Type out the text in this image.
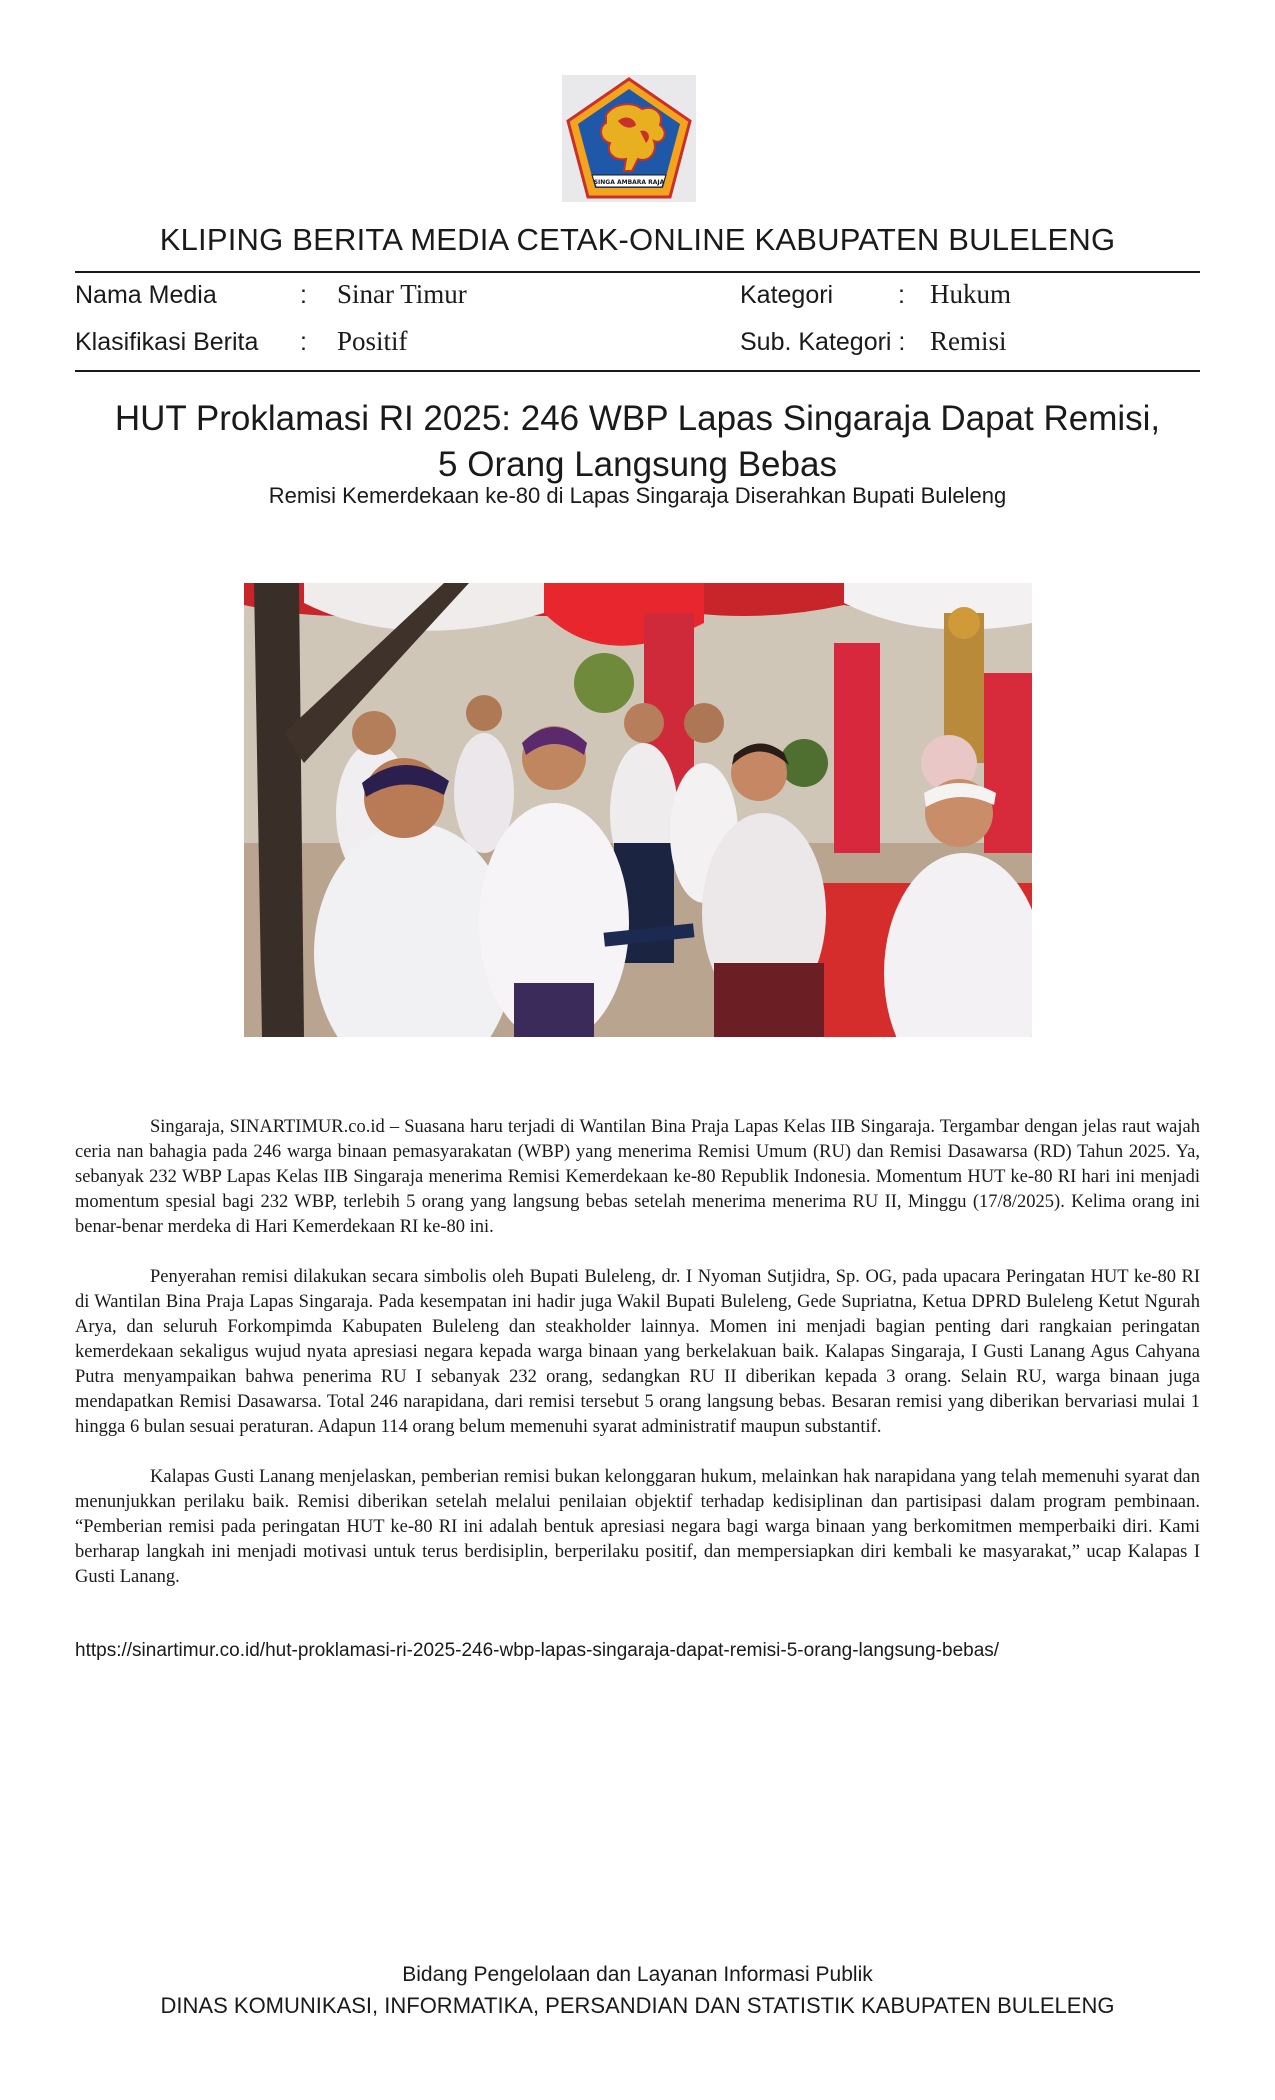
SINGA AMBARA RAJA
KLIPING BERITA MEDIA CETAK-ONLINE KABUPATEN BULELENG
Nama Media	: Sinar Timur	Kategori	: Hukum
Klasifikasi Berita : Positif	Sub. Kategori : Remisi
HUT Proklamasi RI 2025: 246 WBP Lapas Singaraja Dapat Remisi,
5 Orang Langsung Bebas
Remisi Kemerdekaan ke-80 di Lapas Singaraja Diserahkan Bupati Buleleng

Singaraja, SINARTIMUR.co.id – Suasana haru terjadi di Wantilan Bina Praja Lapas Kelas IIB Singaraja. Tergambar dengan jelas raut wajah ceria nan bahagia pada 246 warga binaan pemasyarakatan (WBP) yang menerima Remisi Umum (RU) dan Remisi Dasawarsa (RD) Tahun 2025. Ya, sebanyak 232 WBP Lapas Kelas IIB Singaraja menerima Remisi Kemerdekaan ke-80 Republik Indonesia. Momentum HUT ke-80 RI hari ini menjadi momentum spesial bagi 232 WBP, terlebih 5 orang yang langsung bebas setelah menerima menerima RU II, Minggu (17/8/2025). Kelima orang ini benar-benar merdeka di Hari Kemerdekaan RI ke-80 ini.

Penyerahan remisi dilakukan secara simbolis oleh Bupati Buleleng, dr. I Nyoman Sutjidra, Sp. OG, pada upacara Peringatan HUT ke-80 RI di Wantilan Bina Praja Lapas Singaraja. Pada kesempatan ini hadir juga Wakil Bupati Buleleng, Gede Supriatna, Ketua DPRD Buleleng Ketut Ngurah Arya, dan seluruh Forkompimda Kabupaten Buleleng dan steakholder lainnya. Momen ini menjadi bagian penting dari rangkaian peringatan kemerdekaan sekaligus wujud nyata apresiasi negara kepada warga binaan yang berkelakuan baik. Kalapas Singaraja, I Gusti Lanang Agus Cahyana Putra menyampaikan bahwa penerima RU I sebanyak 232 orang, sedangkan RU II diberikan kepada 3 orang. Selain RU, warga binaan juga mendapatkan Remisi Dasawarsa. Total 246 narapidana, dari remisi tersebut 5 orang langsung bebas. Besaran remisi yang diberikan bervariasi mulai 1 hingga 6 bulan sesuai peraturan. Adapun 114 orang belum memenuhi syarat administratif maupun substantif.

Kalapas Gusti Lanang menjelaskan, pemberian remisi bukan kelonggaran hukum, melainkan hak narapidana yang telah memenuhi syarat dan menunjukkan perilaku baik. Remisi diberikan setelah melalui penilaian objektif terhadap kedisiplinan dan partisipasi dalam program pembinaan. “Pemberian remisi pada peringatan HUT ke-80 RI ini adalah bentuk apresiasi negara bagi warga binaan yang berkomitmen memperbaiki diri. Kami berharap langkah ini menjadi motivasi untuk terus berdisiplin, berperilaku positif, dan mempersiapkan diri kembali ke masyarakat,” ucap Kalapas I Gusti Lanang.

https://sinartimur.co.id/hut-proklamasi-ri-2025-246-wbp-lapas-singaraja-dapat-remisi-5-orang-langsung-bebas/
Bidang Pengelolaan dan Layanan Informasi Publik
DINAS KOMUNIKASI, INFORMATIKA, PERSANDIAN DAN STATISTIK KABUPATEN BULELENG
